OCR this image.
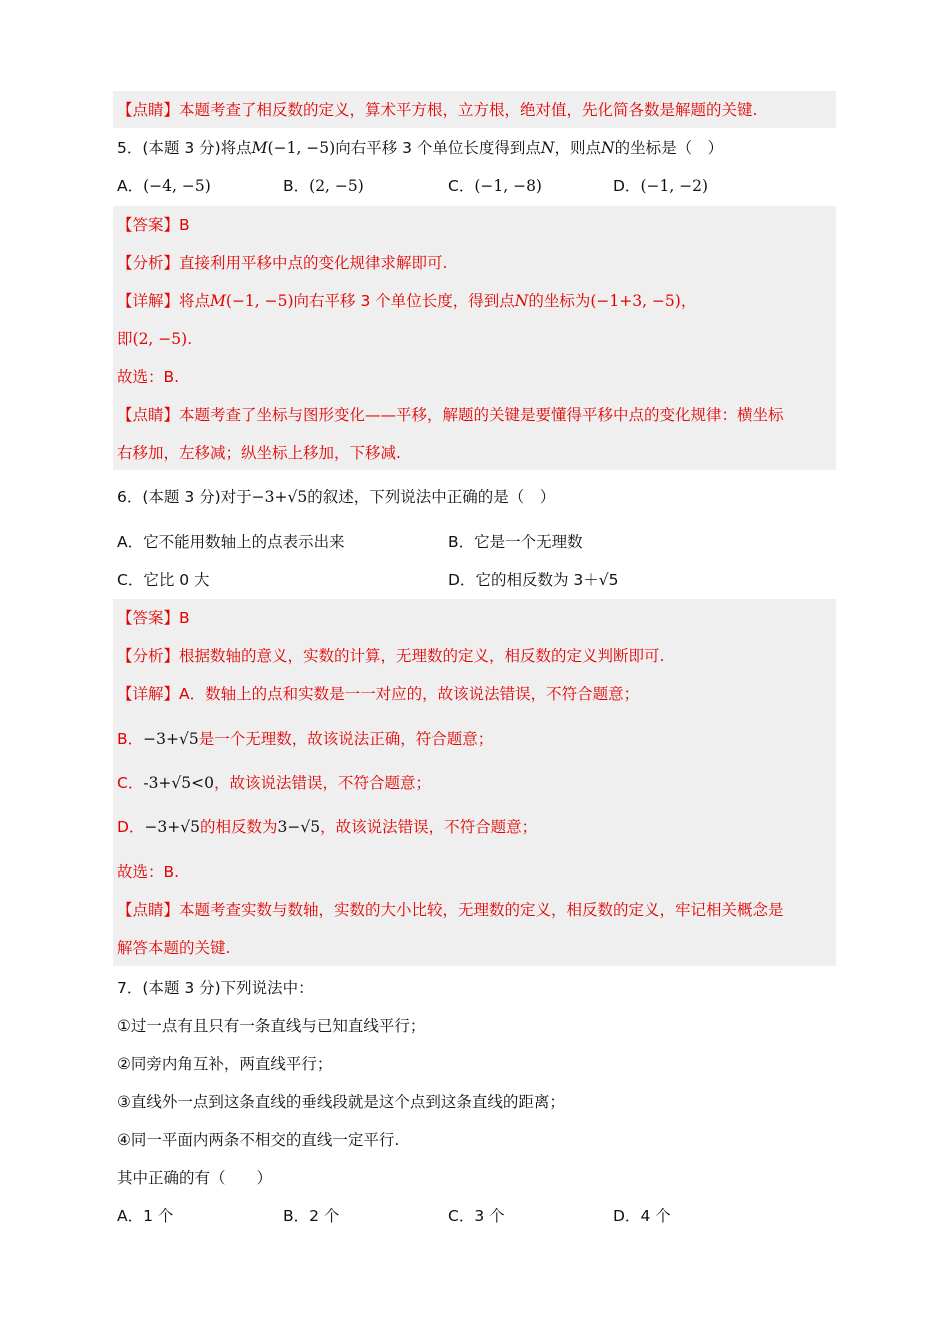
【点睛】本题考查了相反数的定义，算术平方根，立方根，绝对值，先化简各数是解题的关键.
5．(本题 3 分)将点M(−1, −5)向右平移 3 个单位长度得到点N，则点N的坐标是（　）
A．(−4, −5)	B．(2, −5)	C．(−1, −8)	D．(−1, −2)
【答案】B
【分析】直接利用平移中点的变化规律求解即可.
【详解】将点M(−1, −5)向右平移 3 个单位长度，得到点N的坐标为(−1+3, −5)，
即(2, −5).
故选：B.
【点睛】本题考查了坐标与图形变化——平移，解题的关键是要懂得平移中点的变化规律：横坐标
右移加，左移减；纵坐标上移加，下移减.
6．(本题 3 分)对于−3+√5的叙述，下列说法中正确的是（　）
A．它不能用数轴上的点表示出来	B．它是一个无理数
C．它比 0 大	D．它的相反数为 3＋√5
【答案】B
【分析】根据数轴的意义，实数的计算，无理数的定义，相反数的定义判断即可.
【详解】A．数轴上的点和实数是一一对应的，故该说法错误，不符合题意；
B．−3+√5是一个无理数，故该说法正确，符合题意；
C．-3+√5<0，故该说法错误，不符合题意；
D．−3+√5的相反数为3−√5，故该说法错误，不符合题意；
故选：B.
【点睛】本题考查实数与数轴，实数的大小比较，无理数的定义，相反数的定义，牢记相关概念是
解答本题的关键.
7．(本题 3 分)下列说法中：
①过一点有且只有一条直线与已知直线平行；
②同旁内角互补，两直线平行；
③直线外一点到这条直线的垂线段就是这个点到这条直线的距离；
④同一平面内两条不相交的直线一定平行.
其中正确的有（　　）
A．1 个	B．2 个	C．3 个	D．4 个
